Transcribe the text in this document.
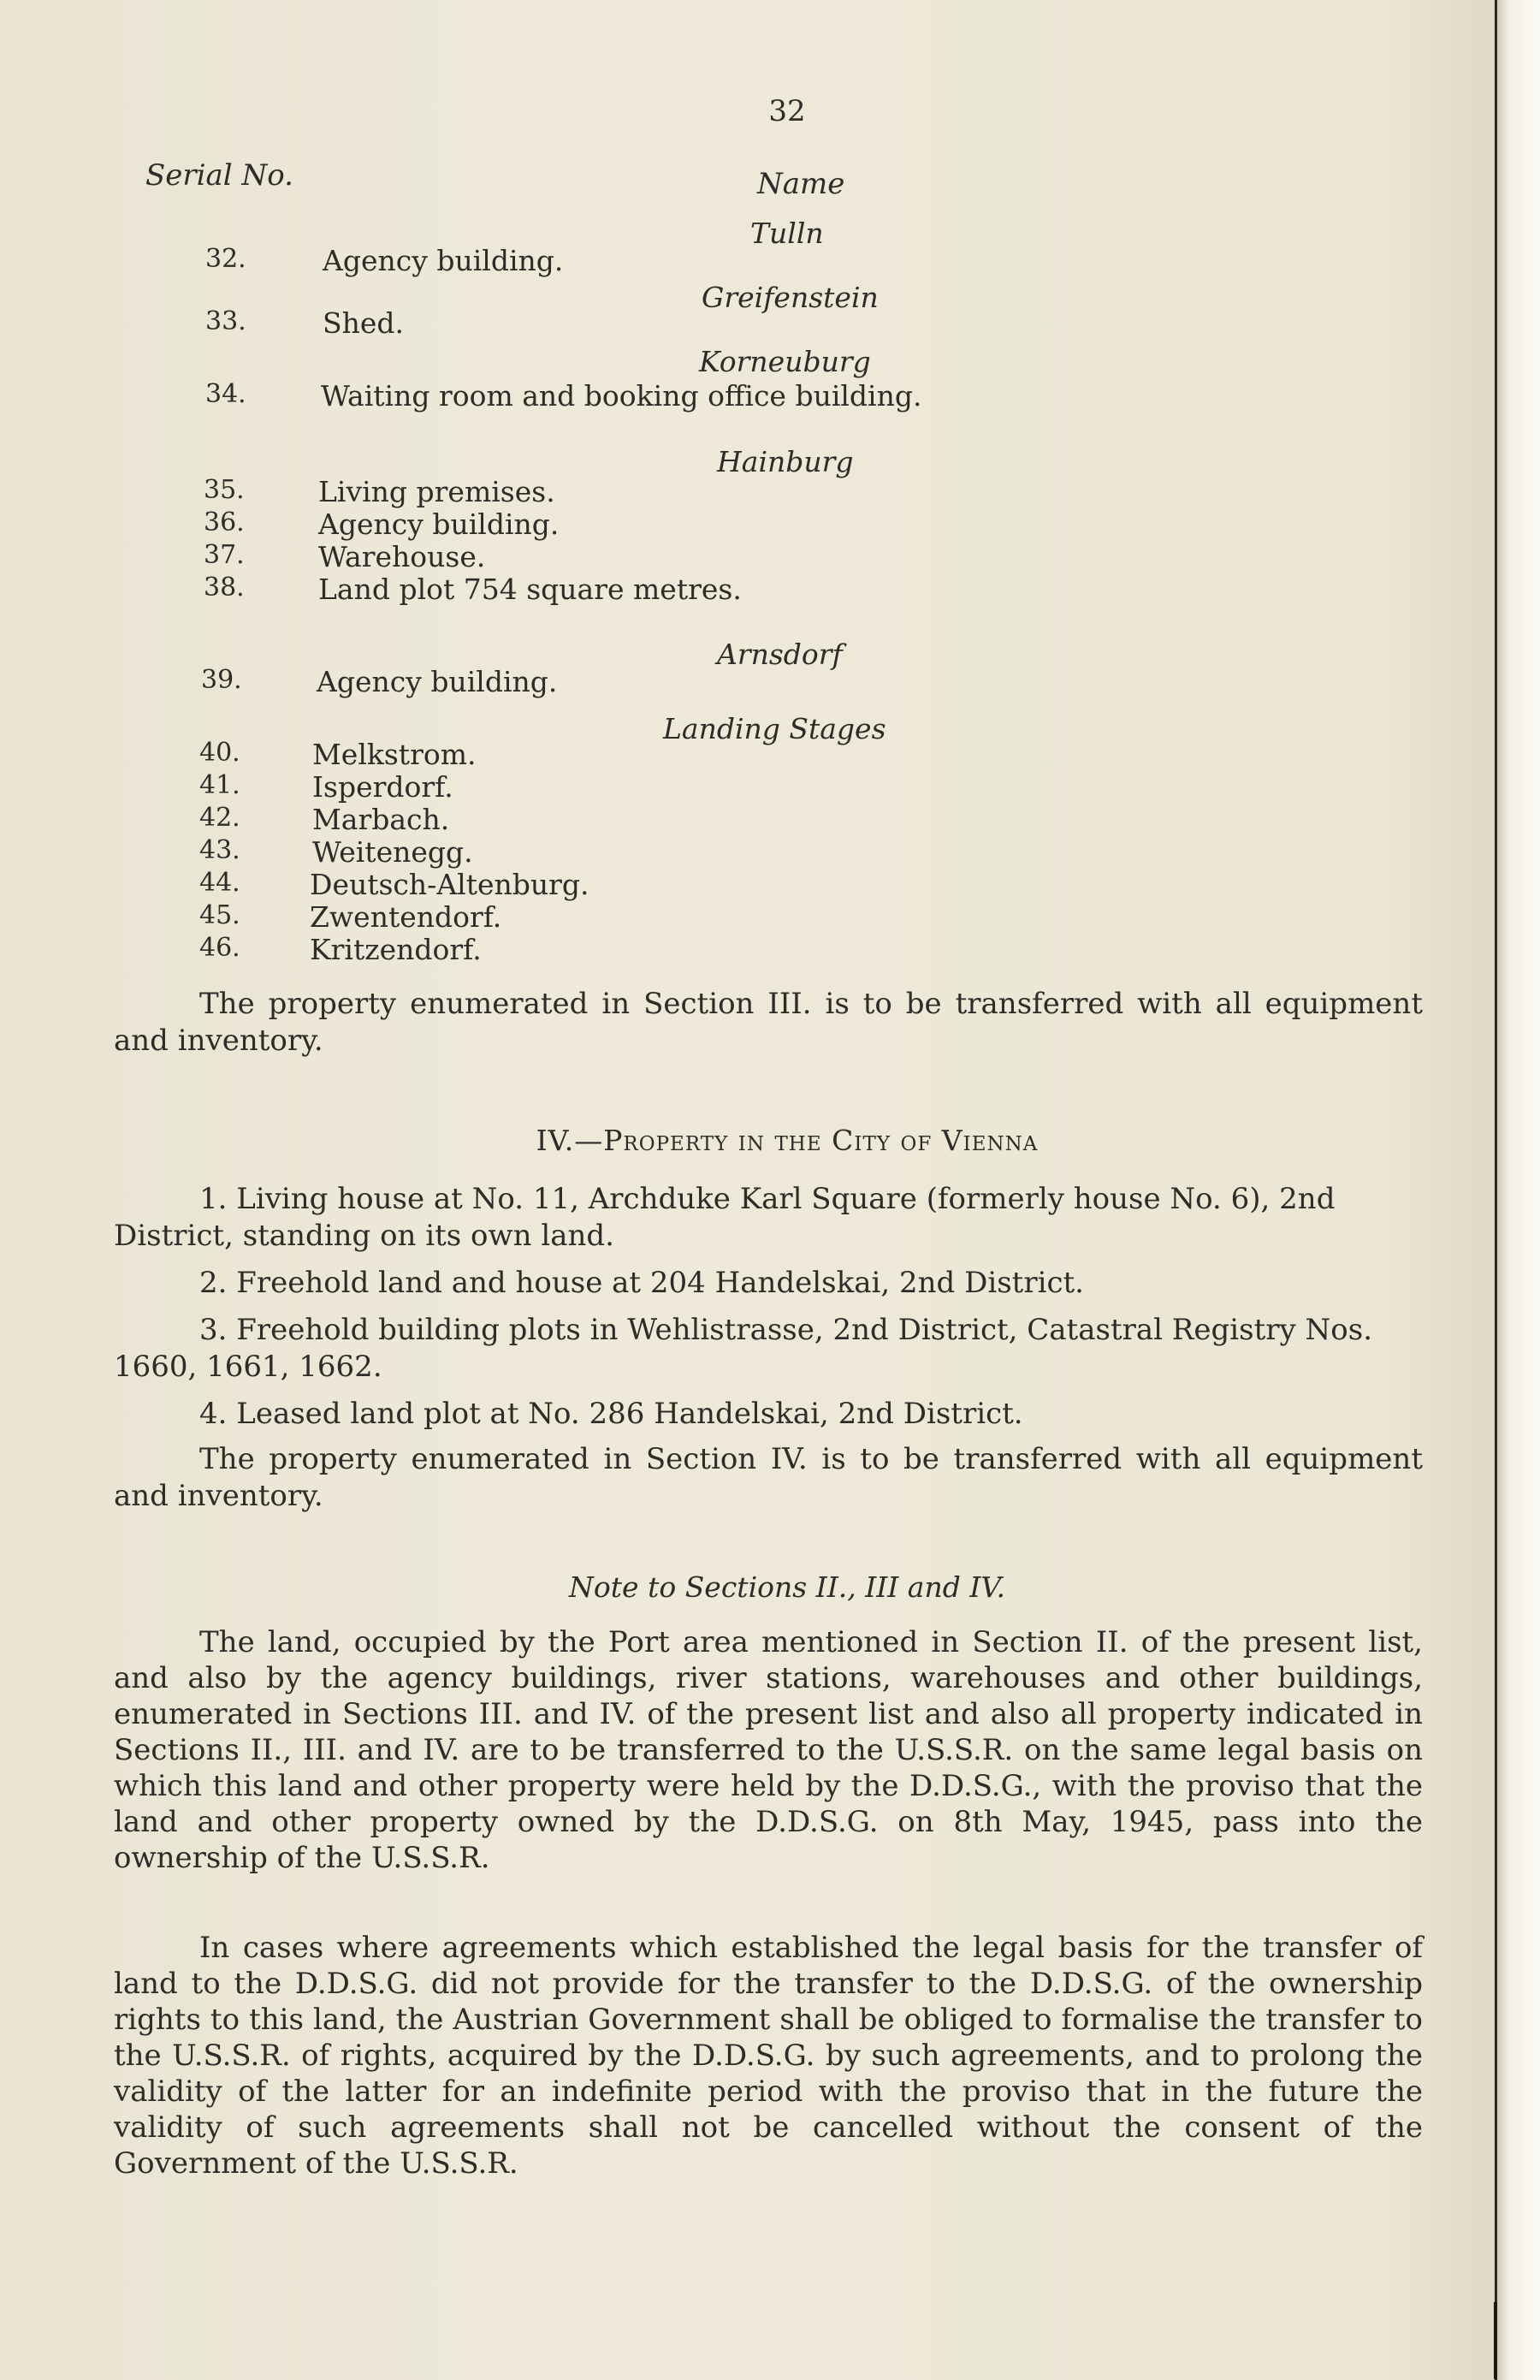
32
Serial No.	Name
Tulln
32.	Agency building.
Greifenstein
33.	Shed.
Korneuburg
34.	Waiting room and booking office building.
Hainburg
35.	Living premises.
36.	Agency building.
37.	Warehouse.
38.	Land plot 754 square metres.
Arnsdorf
39.	Agency building.
Landing Stages
40.	Melkstrom.
41.	Isperdorf.
42.	Marbach.
43.	Weitenegg.
44. Deutsch-Altenburg.
45. Zwentendorf.
46. Kritzendorf.
The property enumerated in Section III. is to be transferred with all equipment and inventory.
IV.—Property in the City of Vienna
1. Living house at No. 11, Archduke Karl Square (formerly house No. 6), 2nd District, standing on its own land.
2. Freehold land and house at 204 Handelskai, 2nd District.
3. Freehold building plots in Wehlistrasse, 2nd District, Catastral Registry Nos. 1660, 1661, 1662.
4. Leased land plot at No. 286 Handelskai, 2nd District.
The property enumerated in Section IV. is to be transferred with all equipment and inventory.
Note to Sections II., III and IV.
The land, occupied by the Port area mentioned in Section II. of the present list, and also by the agency buildings, river stations, warehouses and other buildings, enumerated in Sections III. and IV. of the present list and also all property indicated in Sections II., III. and IV. are to be transferred to the U.S.S.R. on the same legal basis on which this land and other property were held by the D.D.S.G., with the proviso that the land and other property owned by the D.D.S.G. on 8th May, 1945, pass into the ownership of the U.S.S.R.
In cases where agreements which established the legal basis for the transfer of land to the D.D.S.G. did not provide for the transfer to the D.D.S.G. of the ownership rights to this land, the Austrian Government shall be obliged to formalise the transfer to the U.S.S.R. of rights, acquired by the D.D.S.G. by such agreements, and to prolong the validity of the latter for an indefinite period with the proviso that in the future the validity of such agreements shall not be cancelled without the consent of the Government of the U.S.S.R.
